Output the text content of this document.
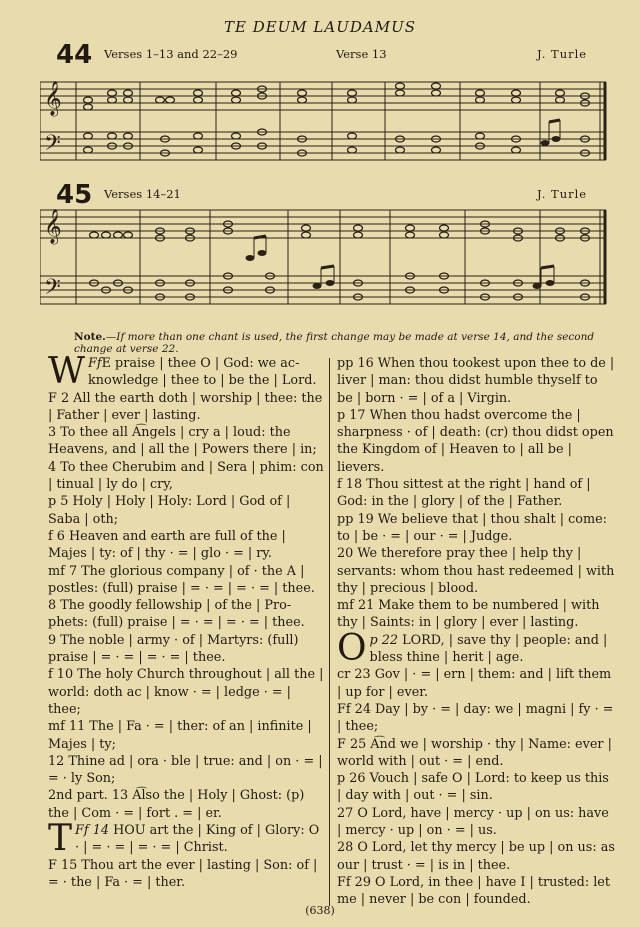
TE DEUM LAUDAMUS
44 Verses 1–13 and 22–29	Verse 13	J. Turle
𝄞
𝄢
45 Verses 14–21	J. Turle
𝄞
𝄢
Note.—If more than one chant is used, the first change may be made at verse 14, and the second change at verse 22.

Ff
W E praise | thee O | God: we acknowledge | thee to | be the | Lord.

F 2 All the earth doth | worship | thee: the | Father | ever | lasting.

3 To thee all A͡ngels | cry a | loud: the Heavens, and | all the | Powers there | in;

4 To thee Cherubim and | Sera | phim: con | tinual | ly do | cry,

p 5 Holy | Holy | Holy: Lord | God of | Saba | oth;

f 6 Heaven and earth are full of the | Majes | ty: of | thy · = | glo · = | ry.

mf 7 The glorious company | of · the A | postles: (full) praise | = · = | = · = | thee.

8 The goodly fellowship | of the | Prophets: (full) praise | = · = | = · = | thee.

9 The noble | army · of | Martyrs: (full) praise | = · = | = · = | thee.

f 10 The holy Church throughout | all the | world: doth ac | know · = | ledge · = | thee;

mf 11 The | Fa · = | ther: of an | infinite | Majes | ty;

12 Thine ad | ora · ble | true: and | on · = | = · ly Son;

2nd part. 13 A͡lso the | Holy | Ghost: (p) the | Com · = | fort . = | er.

Ff 14
T	HOU art the | King of | Glory: O · | = · = | = · = | Christ.

F 15 Thou art the ever | lasting | Son: of | = · the | Fa · = | ther.

pp 16 When thou tookest upon thee to de | liver | man: thou didst humble thyself to be | born · = | of a | Virgin.

p 17 When thou hadst overcome the | sharpness · of | death: (cr) thou didst open the Kingdom of | Heaven to | all be | lievers.

f 18 Thou sittest at the right | hand of | God: in the | glory | of the | Father.

pp 19 We believe that | thou shalt | come: to | be · = | our · = | Judge.

20 We therefore pray thee | help thy | servants: whom thou hast redeemed | with thy | precious | blood.

mf 21 Make them to be numbered | with thy | Saints: in | glory | ever | lasting.

p 22
O	LORD, | save thy | people: and | bless thine | herit | age.

cr 23 Gov | · = | ern | them: and | lift them | up for | ever.

Ff 24 Day | by · = | day: we | magni | fy · = | thee;

F 25 A͡nd we | worship · thy | Name: ever | world with | out · = | end.

p 26 Vouch | safe O | Lord: to keep us this | day with | out · = | sin.

27 O Lord, have | mercy · up | on us: have | mercy · up | on · = | us.

28 O Lord, let thy mercy | be up | on us: as our | trust · = | is in | thee.

Ff 29 O Lord, in thee | have I | trusted: let me | never | be con | founded.

(638)
